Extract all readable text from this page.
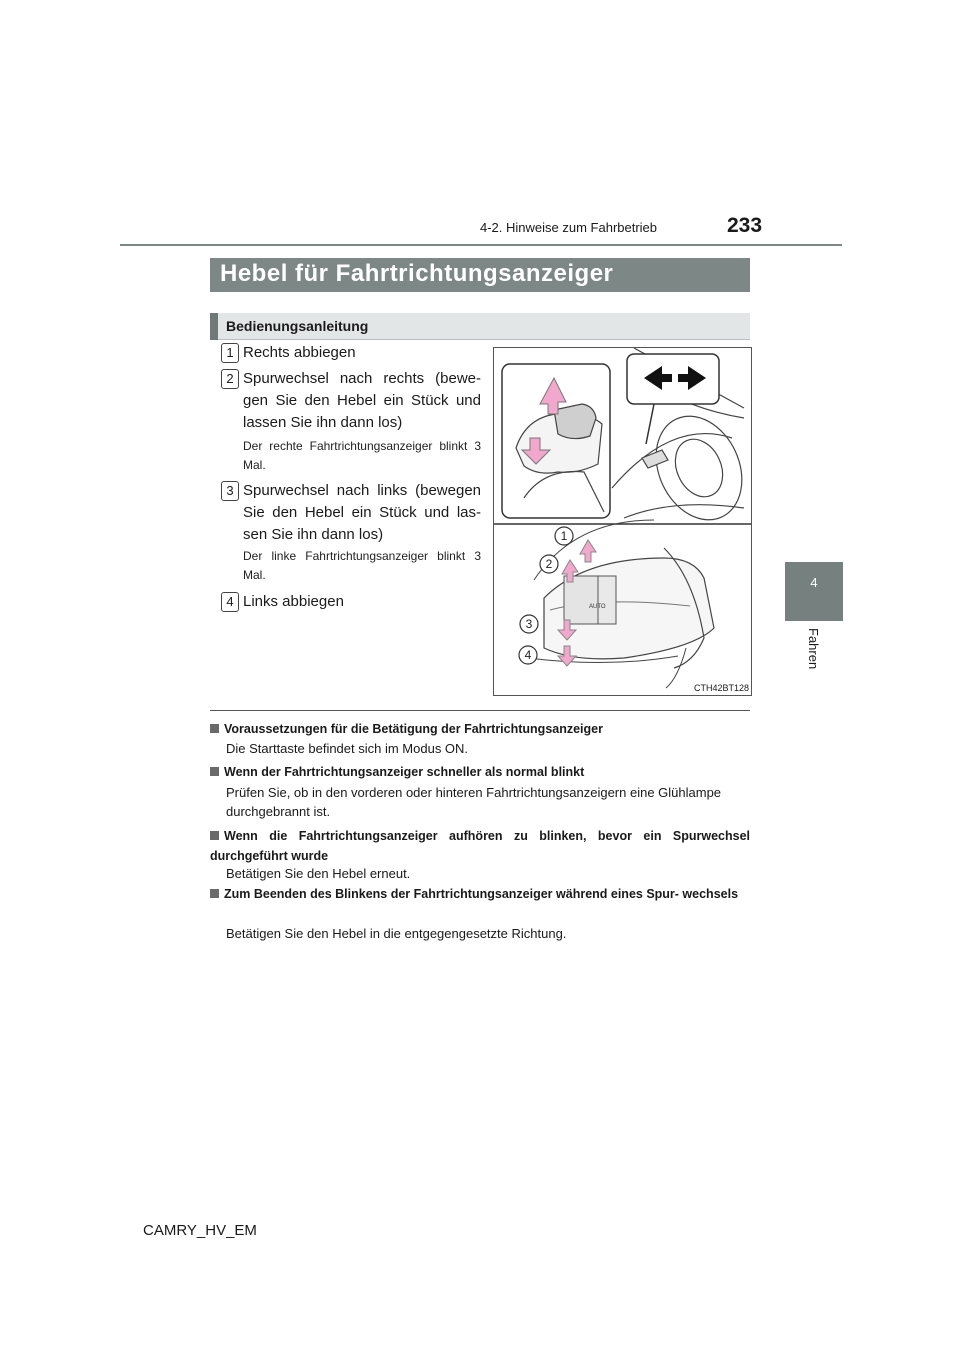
4-2. Hinweise zum Fahrbetrieb	233
4
Fahren
Hebel für Fahrtrichtungsanzeiger
Bedienungsanleitung
1 Rechts abbiegen
2 Spurwechsel nach rechts (bewe- gen Sie den Hebel ein Stück und lassen Sie ihn dann los)
Der rechte Fahrtrichtungsanzeiger blinkt 3 Mal.
3 Spurwechsel nach links (bewegen Sie den Hebel ein Stück und las- sen Sie ihn dann los)
Der linke Fahrtrichtungsanzeiger blinkt 3 Mal.
4 Links abbiegen
1
2
3
4
AUTO
CTH42BT128
Voraussetzungen für die Betätigung der Fahrtrichtungsanzeiger
Die Starttaste befindet sich im Modus ON.
Wenn der Fahrtrichtungsanzeiger schneller als normal blinkt
Prüfen Sie, ob in den vorderen oder hinteren Fahrtrichtungsanzeigern eine Glühlampe durchgebrannt ist.
Wenn die Fahrtrichtungsanzeiger aufhören zu blinken, bevor ein Spurwechsel durchgeführt wurde
Betätigen Sie den Hebel erneut.
Zum Beenden des Blinkens der Fahrtrichtungsanzeiger während eines Spur- wechsels
Betätigen Sie den Hebel in die entgegengesetzte Richtung.
CAMRY_HV_EM
